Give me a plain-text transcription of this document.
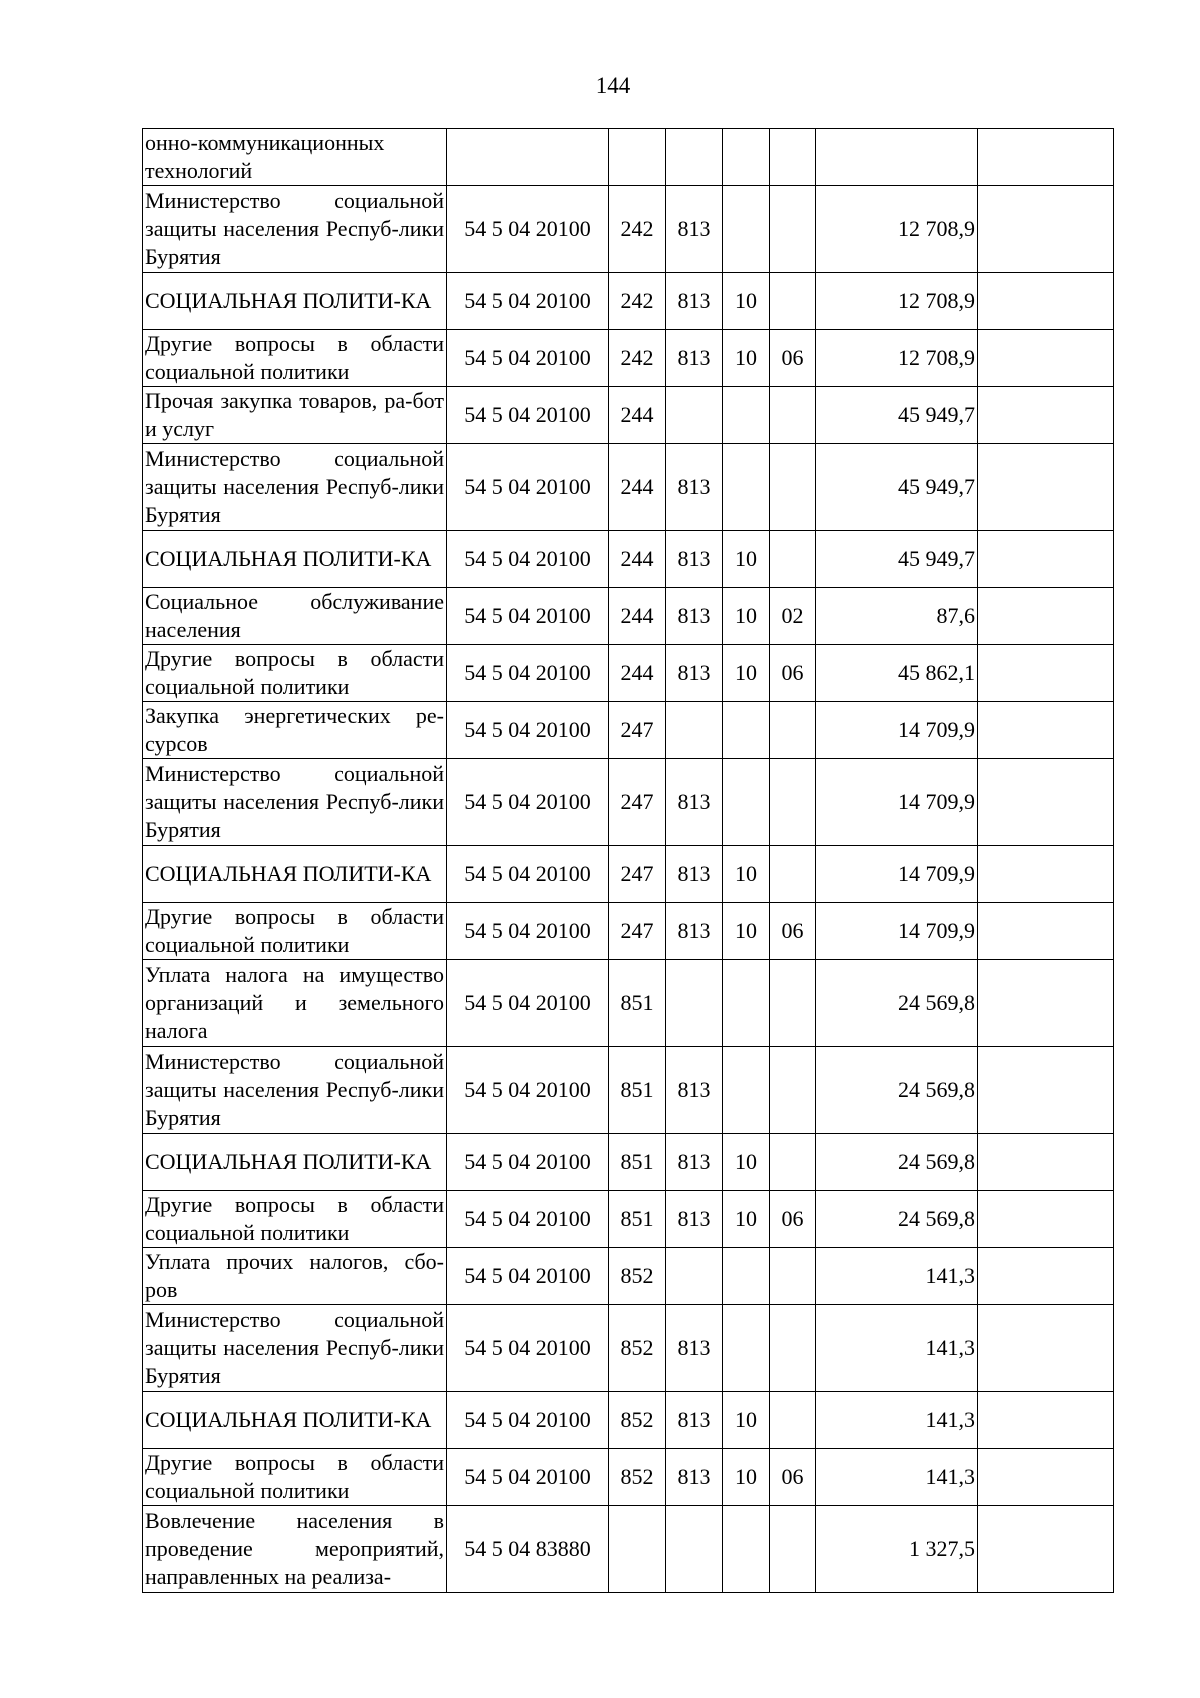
144
онно-коммуникационных технологий							
Министерство социальной защиты населения Респуб-лики Бурятия	54 5 04 20100	242	813			12 708,9	
СОЦИАЛЬНАЯ ПОЛИТИ-КА	54 5 04 20100	242	813	10		12 708,9	
Другие вопросы в области социальной политики	54 5 04 20100	242	813	10	06	12 708,9	
Прочая закупка товаров, ра-бот и услуг	54 5 04 20100	244				45 949,7	
Министерство социальной защиты населения Респуб-лики Бурятия	54 5 04 20100	244	813			45 949,7	
СОЦИАЛЬНАЯ ПОЛИТИ-КА	54 5 04 20100	244	813	10		45 949,7	
Социальное обслуживание населения	54 5 04 20100	244	813	10	02	87,6	
Другие вопросы в области социальной политики	54 5 04 20100	244	813	10	06	45 862,1	
Закупка энергетических ре-сурсов	54 5 04 20100	247				14 709,9	
Министерство социальной защиты населения Респуб-лики Бурятия	54 5 04 20100	247	813			14 709,9	
СОЦИАЛЬНАЯ ПОЛИТИ-КА	54 5 04 20100	247	813	10		14 709,9	
Другие вопросы в области социальной политики	54 5 04 20100	247	813	10	06	14 709,9	
Уплата налога на имущество организаций и земельного налога	54 5 04 20100	851				24 569,8	
Министерство социальной защиты населения Респуб-лики Бурятия	54 5 04 20100	851	813			24 569,8	
СОЦИАЛЬНАЯ ПОЛИТИ-КА	54 5 04 20100	851	813	10		24 569,8	
Другие вопросы в области социальной политики	54 5 04 20100	851	813	10	06	24 569,8	
Уплата прочих налогов, сбо-ров	54 5 04 20100	852				141,3	
Министерство социальной защиты населения Респуб-лики Бурятия	54 5 04 20100	852	813			141,3	
СОЦИАЛЬНАЯ ПОЛИТИ-КА	54 5 04 20100	852	813	10		141,3	
Другие вопросы в области социальной политики	54 5 04 20100	852	813	10	06	141,3	
Вовлечение населения в проведение мероприятий, направленных на реализа-	54 5 04 83880					1 327,5	
